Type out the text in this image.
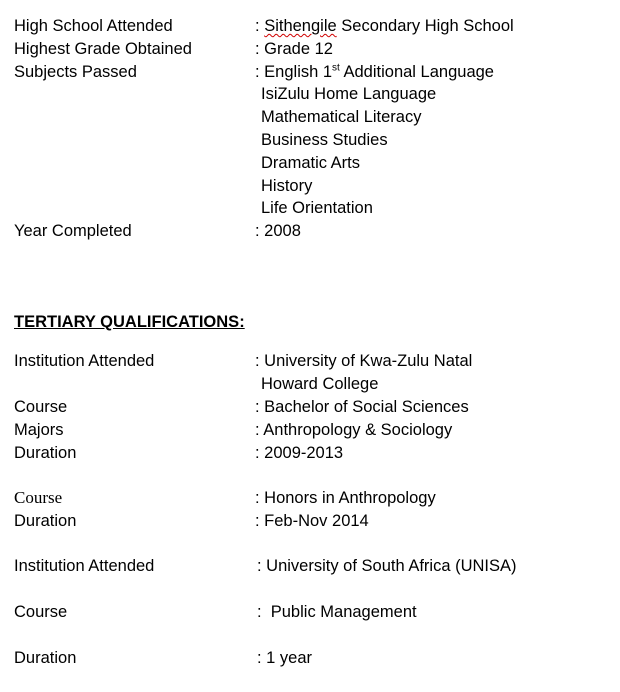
High School Attended	: Sithengile Secondary High School
Highest Grade Obtained	: Grade 12
Subjects Passed	: English 1st Additional Language
IsiZulu Home Language
Mathematical Literacy
Business Studies
Dramatic Arts
History
Life Orientation
Year Completed	: 2008
TERTIARY QUALIFICATIONS:
Institution Attended	: University of Kwa-Zulu Natal
Howard College
Course	: Bachelor of Social Sciences
Majors	: Anthropology & Sociology
Duration	: 2009-2013
Course	: Honors in Anthropology
Duration	: Feb-Nov 2014
Institution Attended	: University of South Africa (UNISA)
Course	:  Public Management
Duration	: 1 year
